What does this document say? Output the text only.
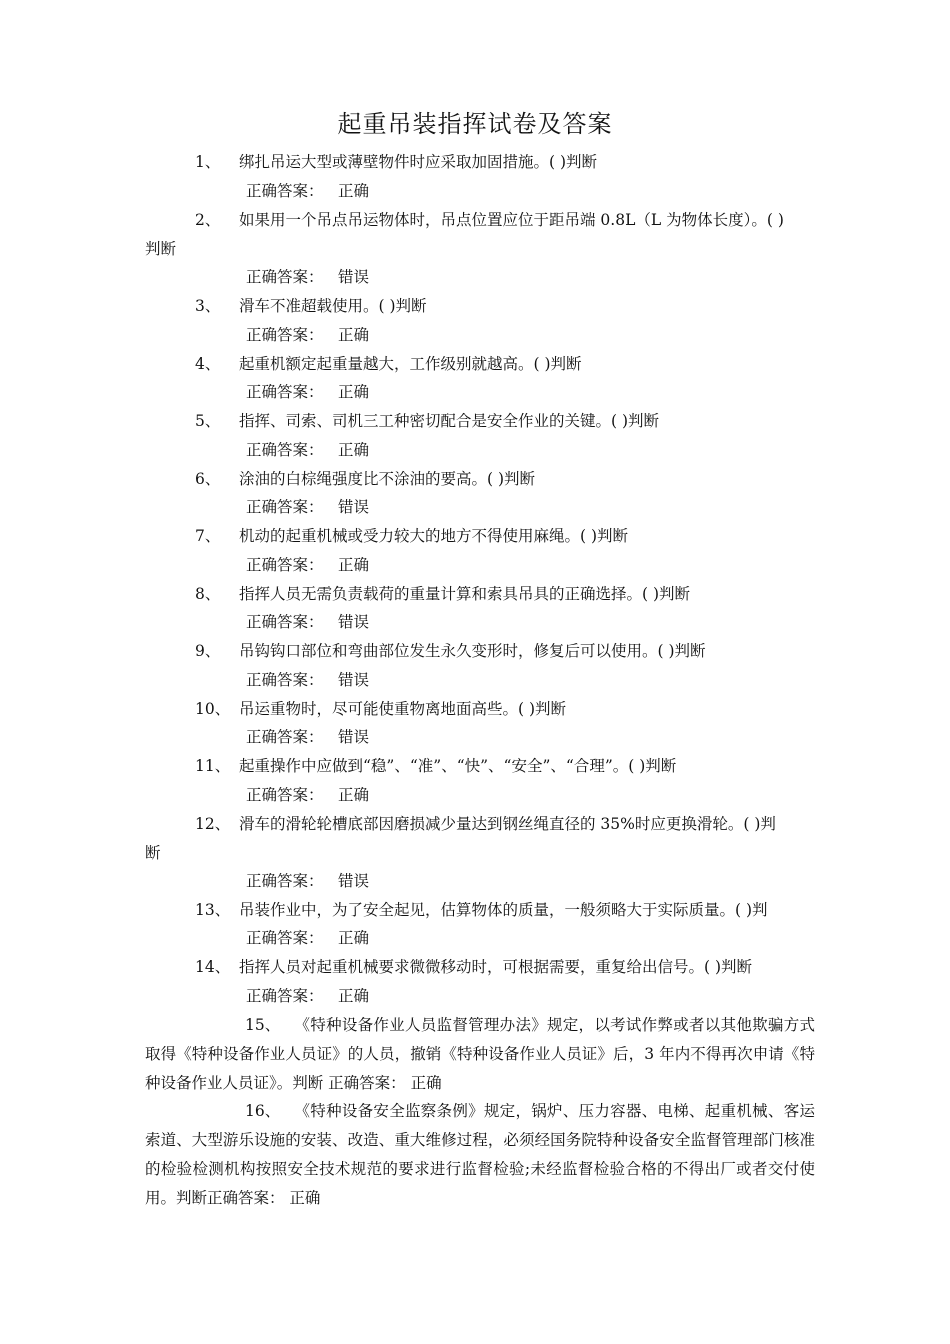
起重吊装指挥试卷及答案
1、 绑扎吊运大型或薄壁物件时应采取加固措施。( )判断
正确答案： 正确
2、 如果用一个吊点吊运物体时，吊点位置应位于距吊端 0.8L（L 为物体长度）。( )
判断
正确答案： 错误
3、 滑车不准超载使用。( )判断
正确答案： 正确
4、 起重机额定起重量越大，工作级别就越高。( )判断
正确答案： 正确
5、 指挥、司索、司机三工种密切配合是安全作业的关键。( )判断
正确答案： 正确
6、 涂油的白棕绳强度比不涂油的要高。( )判断
正确答案： 错误
7、 机动的起重机械或受力较大的地方不得使用麻绳。( )判断
正确答案： 正确
8、 指挥人员无需负责载荷的重量计算和索具吊具的正确选择。( )判断
正确答案： 错误
9、 吊钩钩口部位和弯曲部位发生永久变形时，修复后可以使用。( )判断
正确答案： 错误
10、 吊运重物时，尽可能使重物离地面高些。( )判断
正确答案： 错误
11、 起重操作中应做到“稳”、“准”、“快”、“安全”、“合理”。( )判断
正确答案： 正确
12、 滑车的滑轮轮槽底部因磨损减少量达到钢丝绳直径的 35%时应更换滑轮。( )判
断
正确答案： 错误
13、 吊装作业中，为了安全起见，估算物体的质量，一般须略大于实际质量。( )判
正确答案： 正确
14、 指挥人员对起重机械要求微微移动时，可根据需要，重复给出信号。( )判断
正确答案： 正确
15、 《特种设备作业人员监督管理办法》规定，以考试作弊或者以其他欺骗方式取得《特种设备作业人员证》的人员，撤销《特种设备作业人员证》后，3 年内不得再次申请《特种设备作业人员证》。判断 正确答案： 正确
16、 《特种设备安全监察条例》规定，锅炉、压力容器、电梯、起重机械、客运索道、大型游乐设施的安装、改造、重大维修过程，必须经国务院特种设备安全监督管理部门核准的检验检测机构按照安全技术规范的要求进行监督检验;未经监督检验合格的不得出厂或者交付使用。判断正确答案： 正确
